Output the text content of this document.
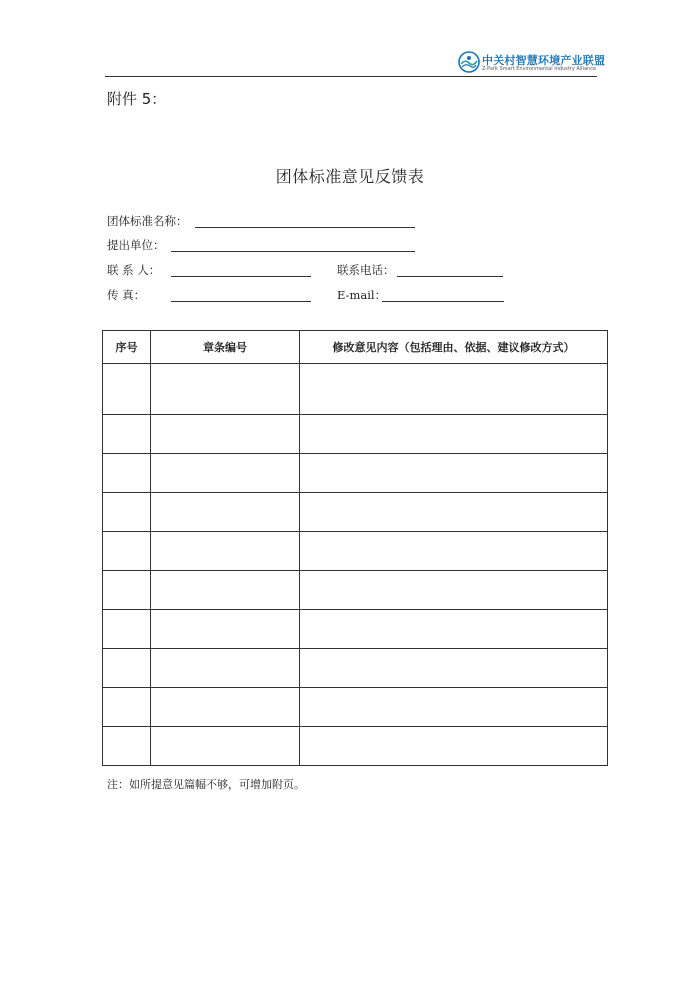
中关村智慧环境产业联盟
Z-Park Smart Environmental Industry Alliance
附件 5：
团体标准意见反馈表
团体标准名称：
提出单位：
联 系 人：	联系电话：
传 真：	E-mail：
序号	章条编号	修改意见内容（包括理由、依据、建议修改方式）

注：如所提意见篇幅不够，可增加附页。
